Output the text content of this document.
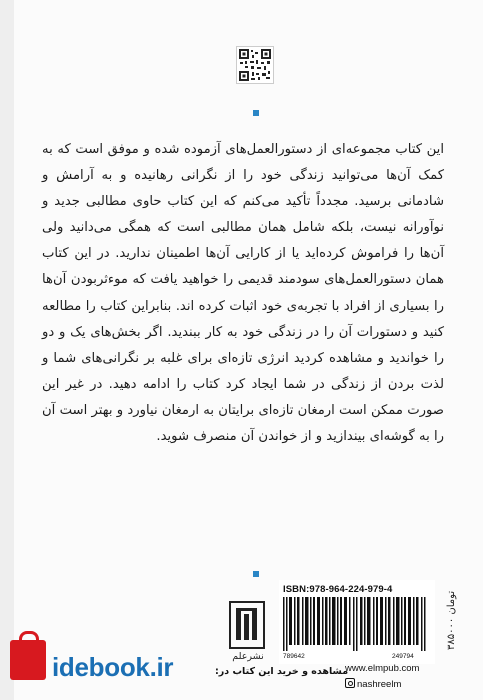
این کتاب مجموعه‌ای از دستورالعمل‌های آزموده شده و موفق است که به کمک آن‌ها می‌توانید زندگی خود را از نگرانی رهانیده و به آرامش و شادمانی برسید. مجدداً تأکید می‌کنم که این کتاب حاوی مطالبی جدید و نوآورانه نیست، بلکه شامل همان مطالبی است که همگی می‌دانید ولی آن‌ها را فراموش کرده‌اید یا از کارایی آن‌ها اطمینان ندارید. در این کتاب همان دستورالعمل‌های سودمند قدیمی را خواهید یافت که موءثربودن آن‌ها را بسیاری از افراد با تجربه‌ی خود اثبات کرده اند. بنابراین کتاب را مطالعه کنید و دستورات آن را در زندگی خود به کار ببندید. اگر بخش‌های یک و دو را خواندید و مشاهده کردید انرژی تازه‌ای برای غلبه بر نگرانی‌های شما و لذت بردن از زندگی در شما ایجاد کرد کتاب را ادامه دهید. در غیر این صورت ممکن است ارمغان تازه‌ای برایتان به ارمغان نیاورد و بهتر است آن را به گوشه‌ای بیندازید و از خواندن آن منصرف شوید.

ISBN:978-964-224-979-4
789642	249794
۳۸۵۰۰۰ تومان
نشرعلم
مشاهده و خرید این کتاب در:
www.elmpub.com
nashreelm
idebook.ir
